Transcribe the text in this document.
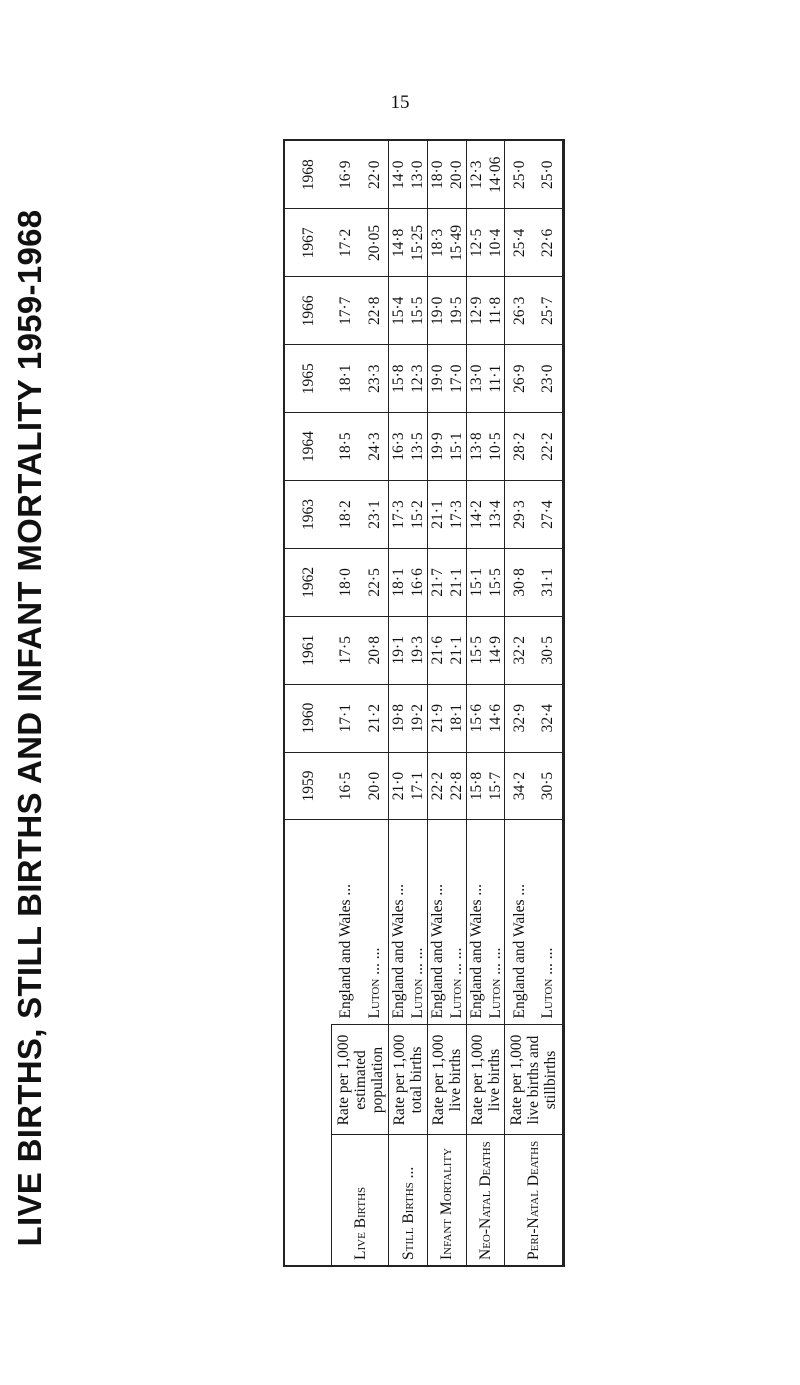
15
LIVE BIRTHS, STILL BIRTHS AND INFANT MORTALITY 1959-1968
				1959	1960	1961	1962	1963	1964	1965	1966	1967	1968
Live Births	Rate per 1,000 estimated population	England and Wales ...	16·5	17·1	17·5	18·0	18·2	18·5	18·1	17·7	17·2	16·9
		Luton ... ...	20·0	21·2	20·8	22·5	23·1	24·3	23·3	22·8	20·05	22·0
Still Births ...	Rate per 1,000 total births	England and Wales ...	21·0	19·8	19·1	18·1	17·3	16·3	15·8	15·4	14·8	14·0
		Luton ... ...	17·1	19·2	19·3	16·6	15·2	13·5	12·3	15·5	15·25	13·0
Infant Mortality	Rate per 1,000 live births	England and Wales ...	22·2	21·9	21·6	21·7	21·1	19·9	19·0	19·0	18·3	18·0
		Luton ... ...	22·8	18·1	21·1	21·1	17·3	15·1	17·0	19·5	15·49	20·0
Neo-Natal Deaths	Rate per 1,000 live births	England and Wales ...	15·8	15·6	15·5	15·1	14·2	13·8	13·0	12·9	12·5	12·3
		Luton ... ...	15·7	14·6	14·9	15·5	13·4	10·5	11·1	11·8	10·4	14·06
Peri-Natal Deaths	Rate per 1,000 live births and stillbirths	England and Wales ...	34·2	32·9	32·2	30·8	29·3	28·2	26·9	26·3	25·4	25·0
		Luton ... ...	30·5	32·4	30·5	31·1	27·4	22·2	23·0	25·7	22·6	25·0
